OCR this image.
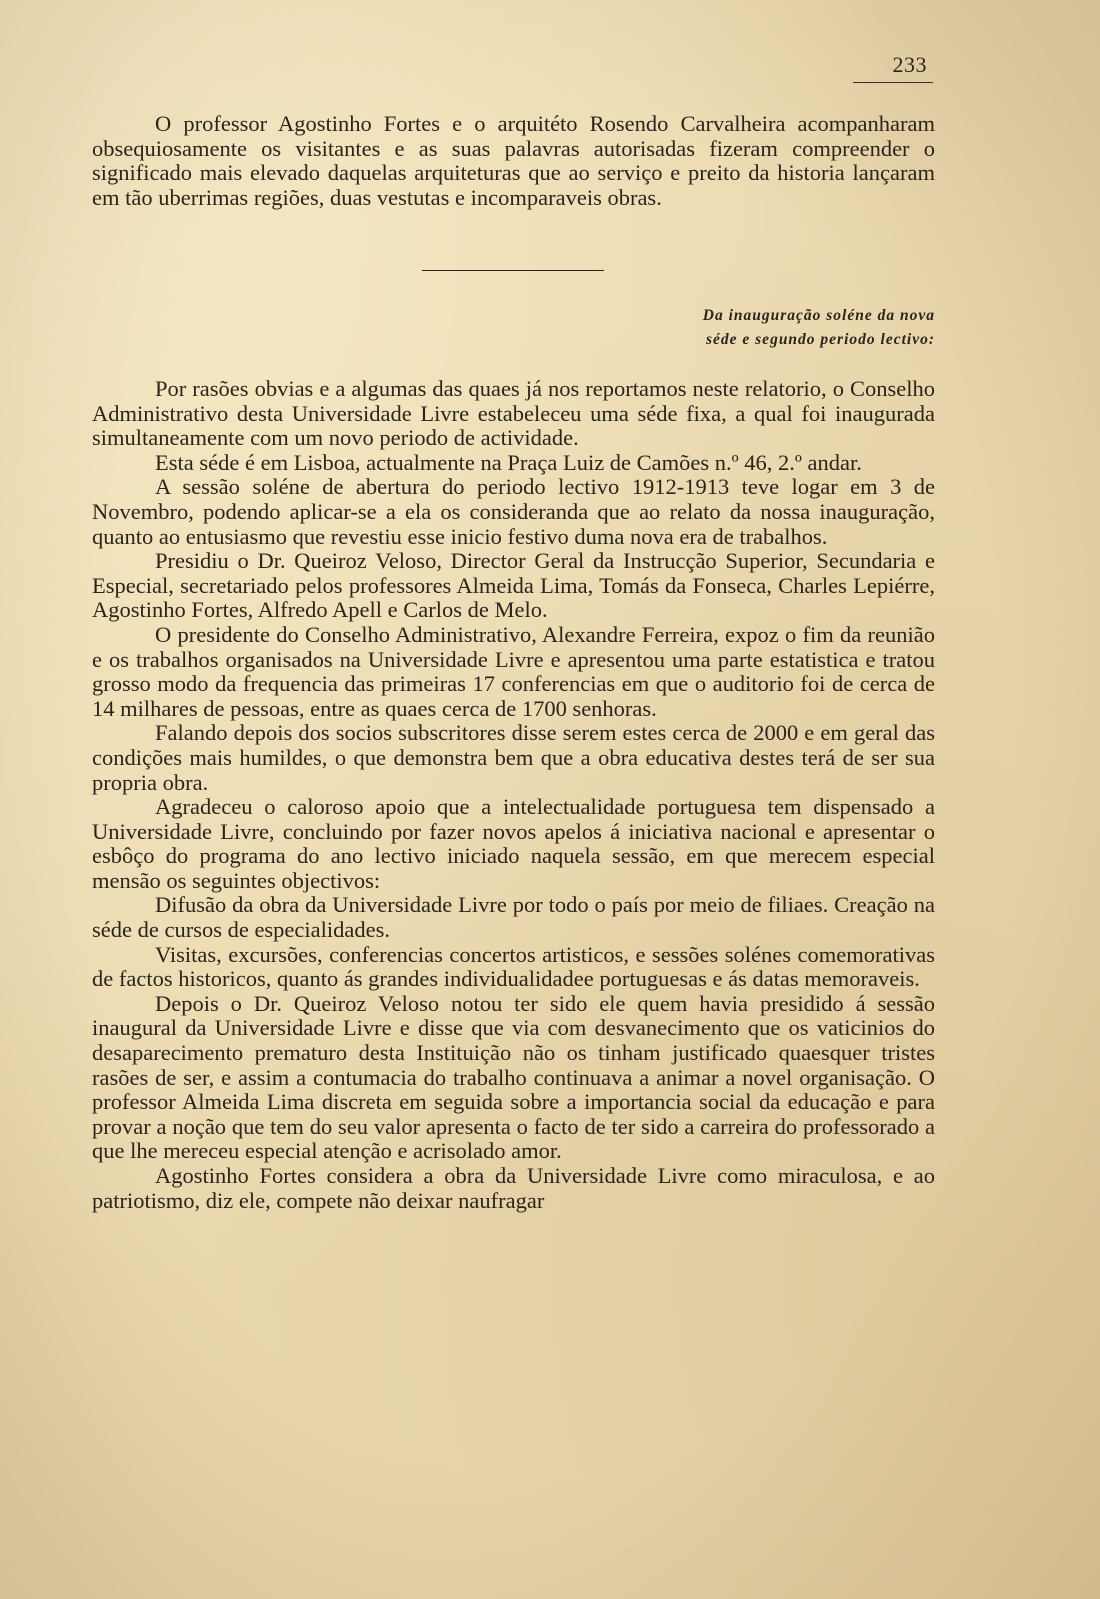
233

O professor Agostinho Fortes e o arquitéto Rosendo Carvalheira acompanharam obsequiosamente os visitantes e as suas palavras autorisadas fizeram compreender o significado mais elevado daquelas arquiteturas que ao serviço e preito da historia lançaram em tão uberrimas regiões, duas vestutas e incomparaveis obras.

Da inauguração soléne da nova
séde e segundo periodo lectivo:

Por rasões obvias e a algumas das quaes já nos reportamos neste relatorio, o Conselho Administrativo desta Universidade Livre estabeleceu uma séde fixa, a qual foi inaugurada simultaneamente com um novo periodo de actividade.

Esta séde é em Lisboa, actualmente na Praça Luiz de Camões n.º 46, 2.º andar.

A sessão soléne de abertura do periodo lectivo 1912-1913 teve logar em 3 de Novembro, podendo aplicar-se a ela os consideranda que ao relato da nossa inauguração, quanto ao entusiasmo que revestiu esse inicio festivo duma nova era de trabalhos.

Presidiu o Dr. Queiroz Veloso, Director Geral da Instrucção Superior, Secundaria e Especial, secretariado pelos professores Almeida Lima, Tomás da Fonseca, Charles Lepiérre, Agostinho Fortes, Alfredo Apell e Carlos de Melo.

O presidente do Conselho Administrativo, Alexandre Ferreira, expoz o fim da reunião e os trabalhos organisados na Universidade Livre e apresentou uma parte estatistica e tratou grosso modo da frequencia das primeiras 17 conferencias em que o auditorio foi de cerca de 14 milhares de pessoas, entre as quaes cerca de 1700 senhoras.

Falando depois dos socios subscritores disse serem estes cerca de 2000 e em geral das condições mais humildes, o que demonstra bem que a obra educativa destes terá de ser sua propria obra.

Agradeceu o caloroso apoio que a intelectualidade portuguesa tem dispensado a Universidade Livre, concluindo por fazer novos apelos á iniciativa nacional e apresentar o esbôço do programa do ano lectivo iniciado naquela sessão, em que merecem especial mensão os seguintes objectivos:

Difusão da obra da Universidade Livre por todo o país por meio de filiaes. Creação na séde de cursos de especialidades.

Visitas, excursões, conferencias concertos artisticos, e sessões solénes comemorativas de factos historicos, quanto ás grandes individualidadee portuguesas e ás datas memoraveis.

Depois o Dr. Queiroz Veloso notou ter sido ele quem havia presidido á sessão inaugural da Universidade Livre e disse que via com desvanecimento que os vaticinios do desaparecimento prematuro desta Instituição não os tinham justificado quaesquer tristes rasões de ser, e assim a contumacia do trabalho continuava a animar a novel organisação. O professor Almeida Lima discreta em seguida sobre a importancia social da educação e para provar a noção que tem do seu valor apresenta o facto de ter sido a carreira do professorado a que lhe mereceu especial atenção e acrisolado amor.

Agostinho Fortes considera a obra da Universidade Livre como miraculosa, e ao patriotismo, diz ele, compete não deixar naufragar
